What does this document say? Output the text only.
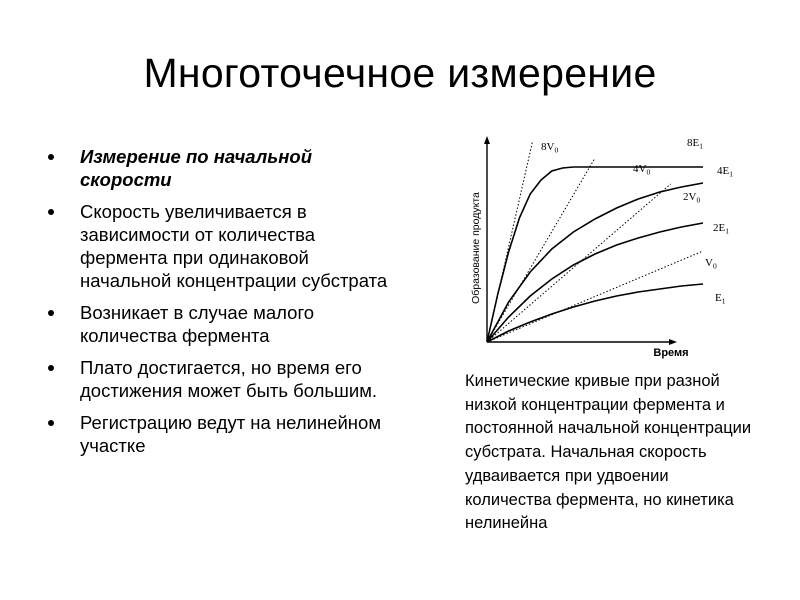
Многоточечное измерение
Измерение по начальной скорости
Скорость увеличивается в зависимости от количества фермента при одинаковой начальной концентрации субстрата
Возникает в случае малого количества фермента
Плато достигается, но время его достижения может быть большим.
Регистрацию ведут на нелинейном участке
$8E_1$
$4E_1$
$2E_1$
$E_1$
$8V_0$
$4V_0$
$2V_0$
$V_0$
Время
Образование продукта
Кинетические кривые при разной низкой концентрации фермента и постоянной начальной концентрации субстрата. Начальная скорость удваивается при удвоении количества фермента, но кинетика нелинейна
